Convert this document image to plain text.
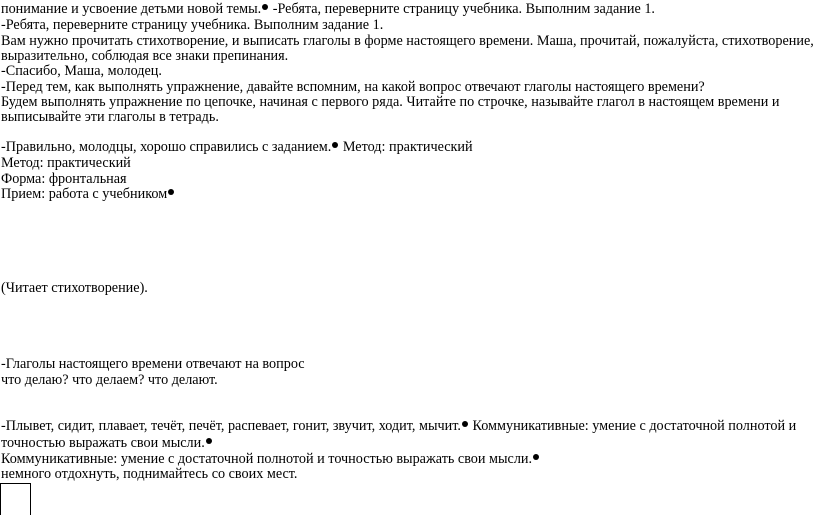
понимание и усвоение детьми новой темы. -Ребята, переверните страницу учебника. Выполним задание 1.
-Ребята, переверните страницу учебника. Выполним задание 1.
Вам нужно прочитать стихотворение, и выписать глаголы в форме настоящего времени. Маша, прочитай, пожалуйста, стихотворение,
выразительно, соблюдая все знаки препинания.
-Спасибо, Маша, молодец.
-Перед тем, как выполнять упражнение, давайте вспомним, на какой вопрос отвечают глаголы настоящего времени?
Будем выполнять упражнение по цепочке, начиная с первого ряда. Читайте по строчке, называйте глагол в настоящем времени и
выписывайте эти глаголы в тетрадь.
-Правильно, молодцы, хорошо справились с заданием. Метод: практический
Метод: практический
Форма: фронтальная
Прием: работа с учебником
(Читает стихотворение).
-Глаголы настоящего времени отвечают на вопрос
что делаю? что делаем? что делают.
-Плывет, сидит, плавает, течёт, печёт, распевает, гонит, звучит, ходит, мычит. Коммуникативные: умение с достаточной полнотой и
точностью выражать свои мысли.
Коммуникативные: умение с достаточной полнотой и точностью выражать свои мысли.
немного отдохнуть, поднимайтесь со своих мест.
